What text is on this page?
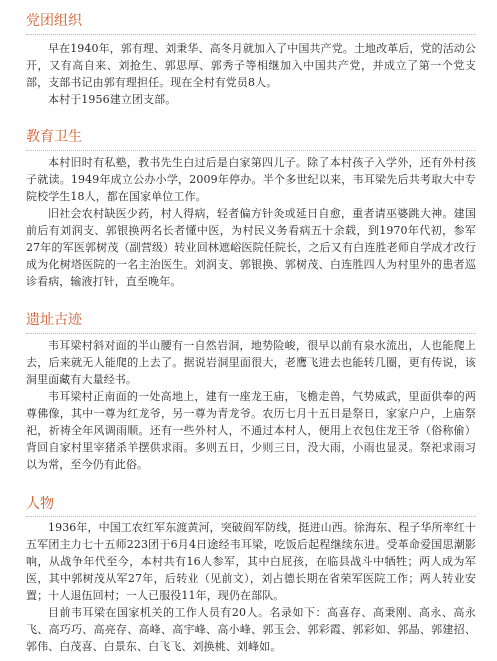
党团组织

早在1940年，郭有理、刘秉华、高冬月就加入了中国共产党。土地改革后，党的活动公开，又有高自来、刘抢生、郭思厚、郭秀子等相继加入中国共产党，并成立了第一个党支部，支部书记由郭有理担任。现在全村有党员8人。

本村于1956建立团支部。

教育卫生

本村旧时有私塾，教书先生白过后是白家第四儿子。除了本村孩子入学外，还有外村孩子就读。1949年成立公办小学，2009年停办。半个多世纪以来，韦耳梁先后共考取大中专院校学生18人，都在国家单位工作。

旧社会农村缺医少药，村人得病，轻者偏方针灸或延日自愈，重者请巫婆跳大神。建国前后有刘润支、郭银换两名长者懂中医，为村民义务看病五十余载，到1970年代初，参军27年的军医郭树茂（副营级）转业回林遮峪医院任院长，之后又有白连胜老师自学成才改行成为化树塔医院的一名主治医生。刘润支、郭银换、郭树茂、白连胜四人为村里外的患者巡诊看病，输液打针，直至晚年。

遗址古迹

韦耳梁村斜对面的半山腰有一自然岩洞，地势险峻，很早以前有泉水流出，人也能爬上去，后来就无人能爬的上去了。据说岩洞里面很大，老鹰飞进去也能转几圈，更有传说，该洞里面藏有大量经书。

韦耳梁村正南面的一处高地上，建有一座龙王庙，飞檐走兽，气势威武，里面供奉的两尊佛像，其中一尊为红龙爷，另一尊为青龙爷。农历七月十五日是祭日，家家户户，上庙祭祀，祈祷全年风调雨顺。还有一些外村人，不通过本村人，便用上衣包住龙王爷（俗称偷）背回自家村里宰猪杀羊摆供求雨。多则五日，少则三日，没大雨，小雨也显灵。祭祀求雨习以为常，至今仍有此俗。

人物

1936年，中国工农红军东渡黄河，突破阎军防线，挺进山西。徐海东、程子华所率红十五军团主力七十五师223团于6月4日途经韦耳梁，吃饭后起程继续东进。受革命爱国思潮影响，从战争年代至今，本村共有16人参军，其中白屁孩，在临县战斗中牺牲；两人成为军医，其中郭树茂从军27年，后转业（见前文），刘占德长期在省荣军医院工作；两人转业安置；十人退伍回村；一人已服役11年，现仍在部队。

目前韦耳梁在国家机关的工作人员有20人。名录如下：高喜存、高秉刚、高永、高永飞、高巧巧、高亮存、高峰、高宇峰、高小峰、郭玉会、郭彩霞、郭彩如、郭晶、郭建招、郭伟、白茂喜、白景东、白飞飞、刘换桃、刘峰如。
